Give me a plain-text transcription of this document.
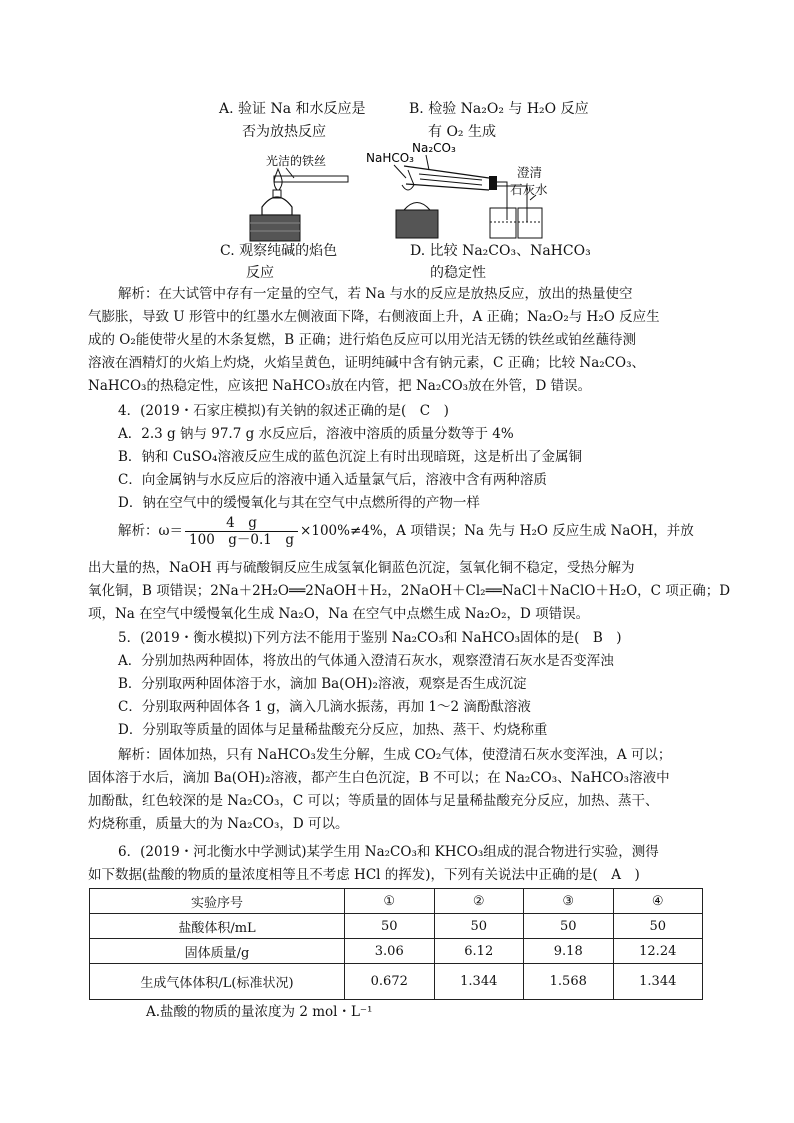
A. 验证 Na 和水反应是
否为放热反应
B. 检验 Na₂O₂ 与 H₂O 反应
有 O₂ 生成
光洁的铁丝	NaHCO₃
Na₂CO₃
澄清
石灰水
C. 观察纯碱的焰色
反应
D. 比较 Na₂CO₃、NaHCO₃
的稳定性

解析：在大试管中存有一定量的空气，若 Na 与水的反应是放热反应，放出的热量使空

气膨胀，导致 U 形管中的红墨水左侧液面下降，右侧液面上升，A 正确；Na₂O₂与 H₂O 反应生

成的 O₂能使带火星的木条复燃，B 正确；进行焰色反应可以用光洁无锈的铁丝或铂丝蘸待测

溶液在酒精灯的火焰上灼烧，火焰呈黄色，证明纯碱中含有钠元素，C 正确；比较 Na₂CO₃、

NaHCO₃的热稳定性，应该把 NaHCO₃放在内管，把 Na₂CO₃放在外管，D 错误。

4．(2019・石家庄模拟)有关钠的叙述正确的是(　C　)

A．2.3 g 钠与 97.7 g 水反应后，溶液中溶质的质量分数等于 4%

B．钠和 CuSO₄溶液反应生成的蓝色沉淀上有时出现暗斑，这是析出了金属铜

C．向金属钠与水反应后的溶液中通入适量氯气后，溶液中含有两种溶质

D．钠在空气中的缓慢氧化与其在空气中点燃所得的产物一样

解析：$\omega= \frac{4 g}{100 g-0.1 g} \times 100\%\ne 4\%$，A 项错误；Na 先与 H₂O 反应生成 NaOH，并放

出大量的热，NaOH 再与硫酸铜反应生成氢氧化铜蓝色沉淀，氢氧化铜不稳定，受热分解为

氧化铜，B 项错误；2Na＋2H₂O══2NaOH＋H₂，2NaOH＋Cl₂══NaCl＋NaClO＋H₂O，C 项正确；D

项，Na 在空气中缓慢氧化生成 Na₂O，Na 在空气中点燃生成 Na₂O₂，D 项错误。

5．(2019・衡水模拟)下列方法不能用于鉴别 Na₂CO₃和 NaHCO₃固体的是(　B　)

A．分别加热两种固体，将放出的气体通入澄清石灰水，观察澄清石灰水是否变浑浊

B．分别取两种固体溶于水，滴加 Ba(OH)₂溶液，观察是否生成沉淀

C．分别取两种固体各 1 g，滴入几滴水振荡，再加 1～2 滴酚酞溶液

D．分别取等质量的固体与足量稀盐酸充分反应，加热、蒸干、灼烧称重

解析：固体加热，只有 NaHCO₃发生分解，生成 CO₂气体，使澄清石灰水变浑浊，A 可以；

固体溶于水后，滴加 Ba(OH)₂溶液，都产生白色沉淀，B 不可以；在 Na₂CO₃、NaHCO₃溶液中

加酚酞，红色较深的是 Na₂CO₃，C 可以；等质量的固体与足量稀盐酸充分反应，加热、蒸干、

灼烧称重，质量大的为 Na₂CO₃，D 可以。

6．(2019・河北衡水中学测试)某学生用 Na₂CO₃和 KHCO₃组成的混合物进行实验，测得

如下数据(盐酸的物质的量浓度相等且不考虑 HCl 的挥发)，下列有关说法中正确的是(　A　)

实验序号	①	②	③	④
盐酸体积/mL	50	50	50	50
固体质量/g	3.06	6.12	9.18	12.24
生成气体体积/L(标准状况)	0.672	1.344	1.568	1.344
A.盐酸的物质的量浓度为 2 mol・L⁻¹
